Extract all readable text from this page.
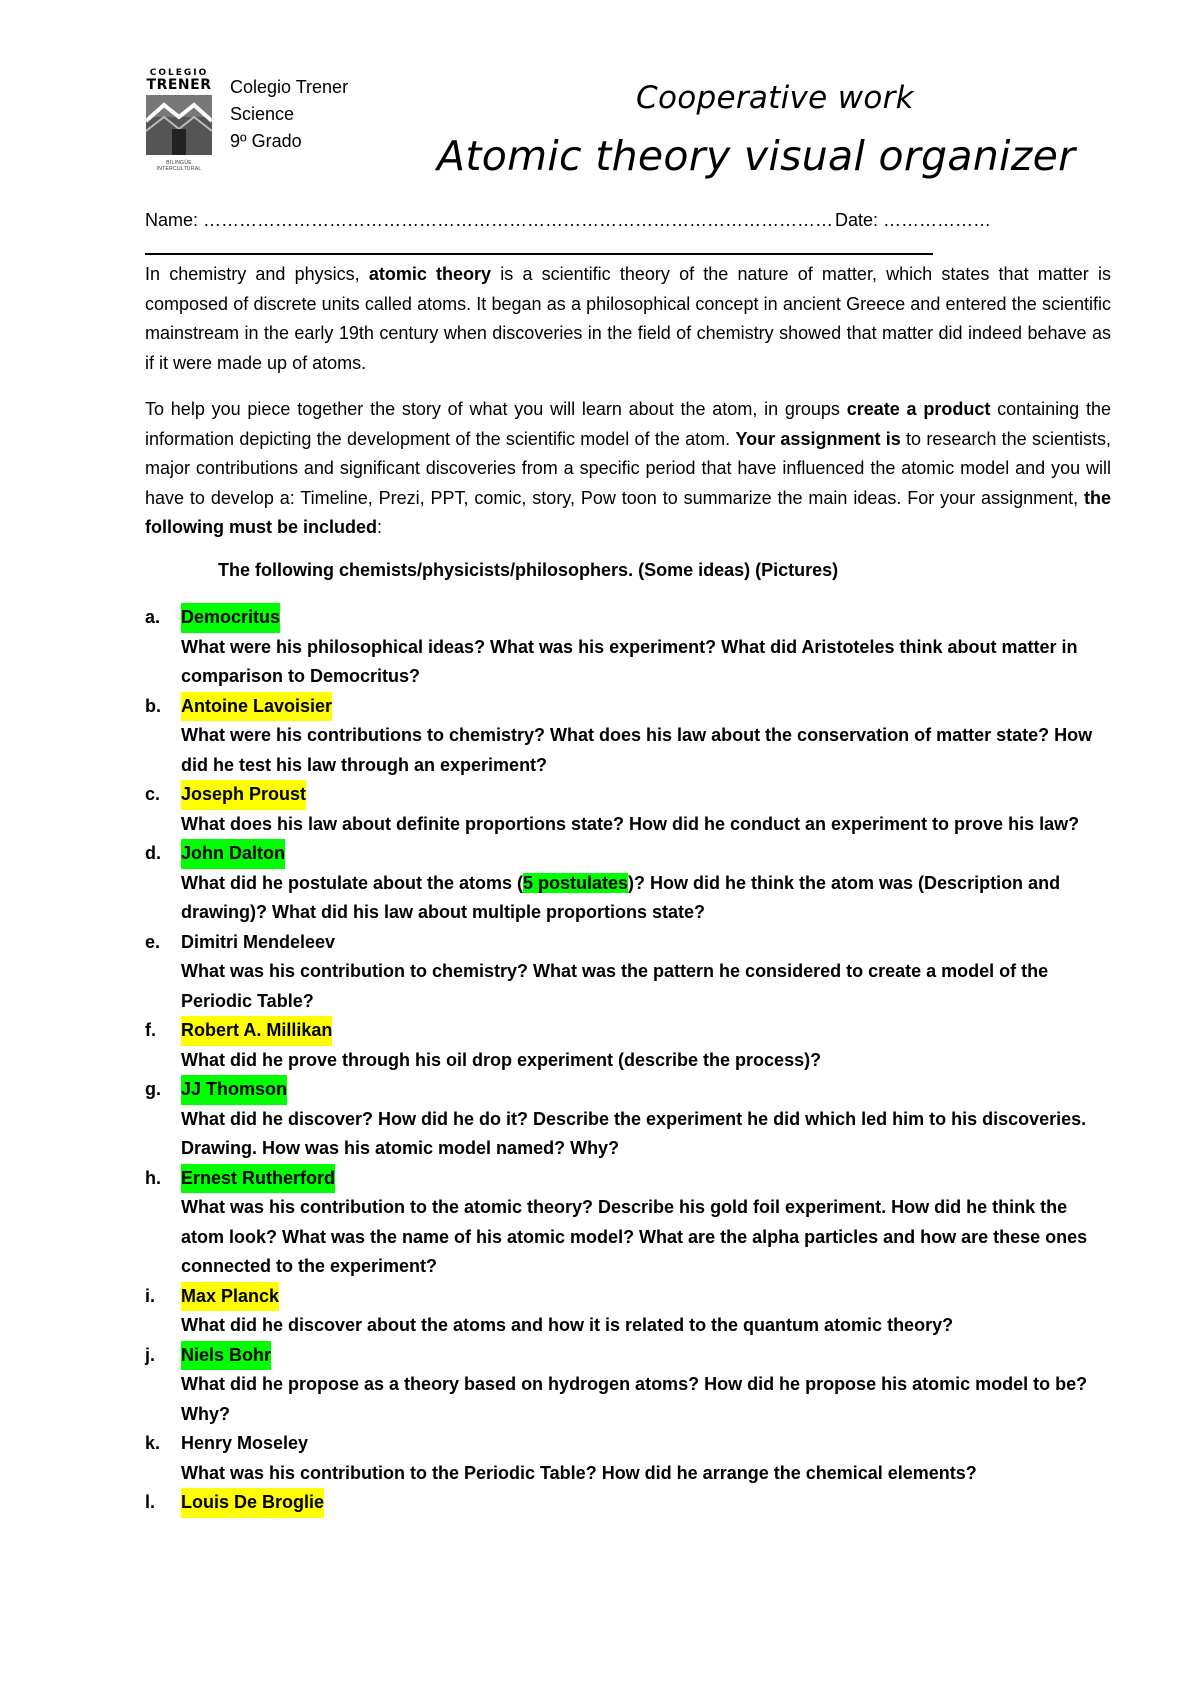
COLEGIO
TRENER
BILINGÜE INTERCULTURAL
Colegio Trener
Science
9º Grado
Cooperative work
Atomic theory visual organizer
Name: …………………………………………………………………………………………… Date: ………………

In chemistry and physics, atomic theory is a scientific theory of the nature of matter, which states that matter is composed of discrete units called atoms. It began as a philosophical concept in ancient Greece and entered the scientific mainstream in the early 19th century when discoveries in the field of chemistry showed that matter did indeed behave as if it were made up of atoms.

To help you piece together the story of what you will learn about the atom, in groups create a product containing the information depicting the development of the scientific model of the atom. Your assignment is to research the scientists, major contributions and significant discoveries from a specific period that have influenced the atomic model and you will have to develop a: Timeline, Prezi, PPT, comic, story, Pow toon to summarize the main ideas. For your assignment, the following must be included:

The following chemists/physicists/philosophers. (Some ideas) (Pictures)
a.	Democritus
What were his philosophical ideas? What was his experiment? What did Aristoteles think about matter in comparison to Democritus?
b.	Antoine Lavoisier
What were his contributions to chemistry? What does his law about the conservation of matter state? How did he test his law through an experiment?
c.	Joseph Proust
What does his law about definite proportions state? How did he conduct an experiment to prove his law?
d.	John Dalton
What did he postulate about the atoms (5 postulates)? How did he think the atom was (Description and drawing)? What did his law about multiple proportions state?
e.	Dimitri Mendeleev
What was his contribution to chemistry? What was the pattern he considered to create a model of the Periodic Table?
f.	Robert A. Millikan
What did he prove through his oil drop experiment (describe the process)?
g.	JJ Thomson
What did he discover? How did he do it? Describe the experiment he did which led him to his discoveries. Drawing. How was his atomic model named? Why?
h.	Ernest Rutherford
What was his contribution to the atomic theory? Describe his gold foil experiment. How did he think the atom look? What was the name of his atomic model? What are the alpha particles and how are these ones connected to the experiment?
i.	Max Planck
What did he discover about the atoms and how it is related to the quantum atomic theory?
j.	Niels Bohr
What did he propose as a theory based on hydrogen atoms? How did he propose his atomic model to be? Why?
k.	Henry Moseley
What was his contribution to the Periodic Table? How did he arrange the chemical elements?
l.	Louis De Broglie
